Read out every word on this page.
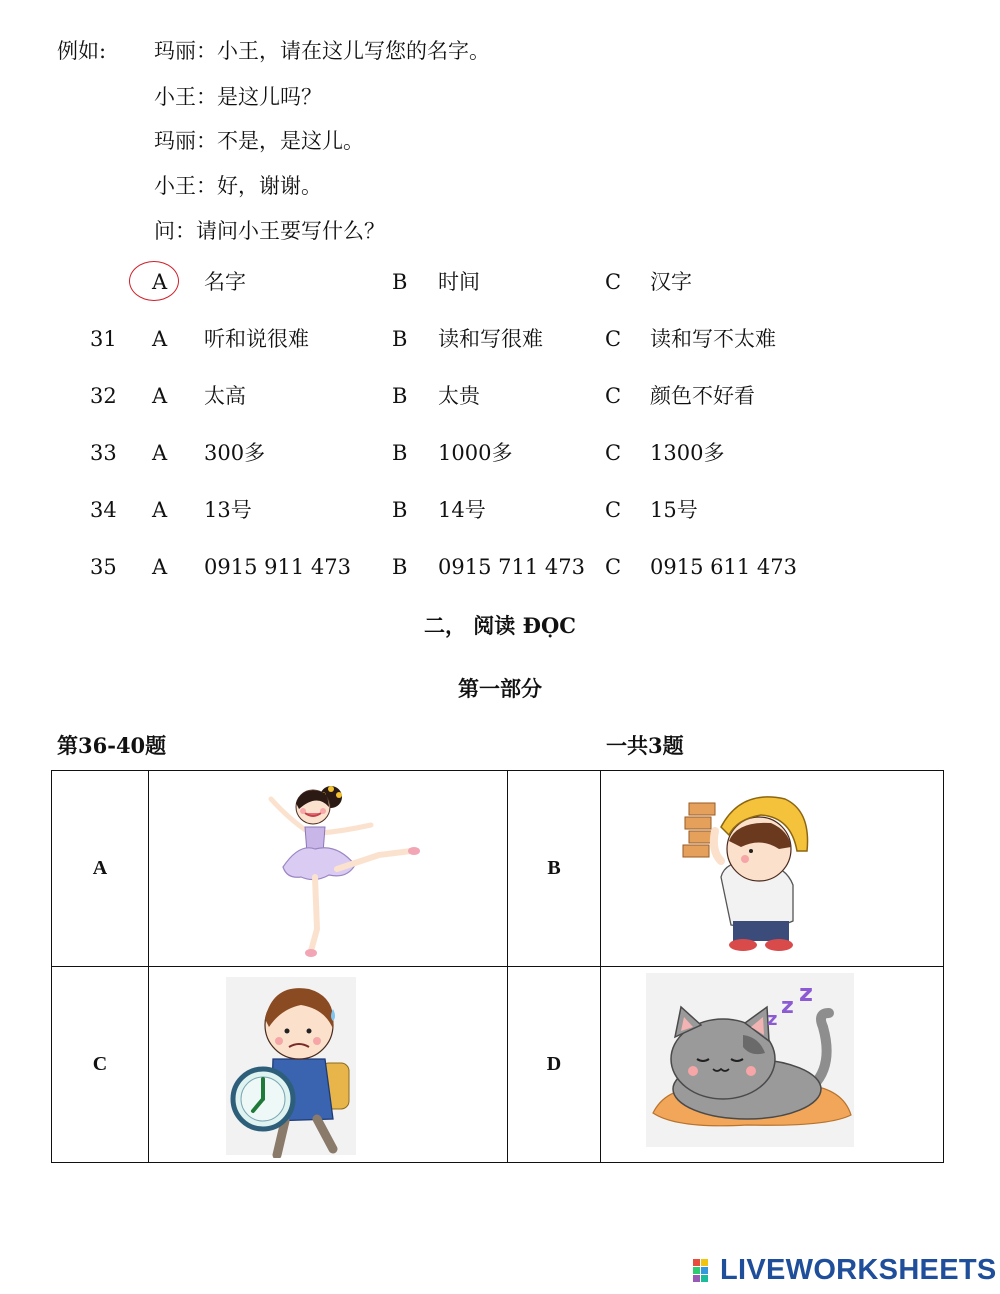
例如: 玛丽：小王，请在这儿写您的名字。
小王：是这儿吗？
玛丽：不是，是这儿。
小王：好，谢谢。
问：请问小王要写什么？
A 名字	B 时间	C 汉字
31 A 听和说很难	B 读和写很难	C 读和写不太难
32 A 太高	B 太贵	C 颜色不好看
33 A 300多	B 1000多	C 1300多
34 A 13号	B 14号	C 15号
35 A 0915 911 473 B 0915 711 473 C 0915 611 473
二， 阅读 ĐỌC
第一部分
第36-40题	一共3题
A		B	
C		D	z
z z
LIVEWORKSHEETS
